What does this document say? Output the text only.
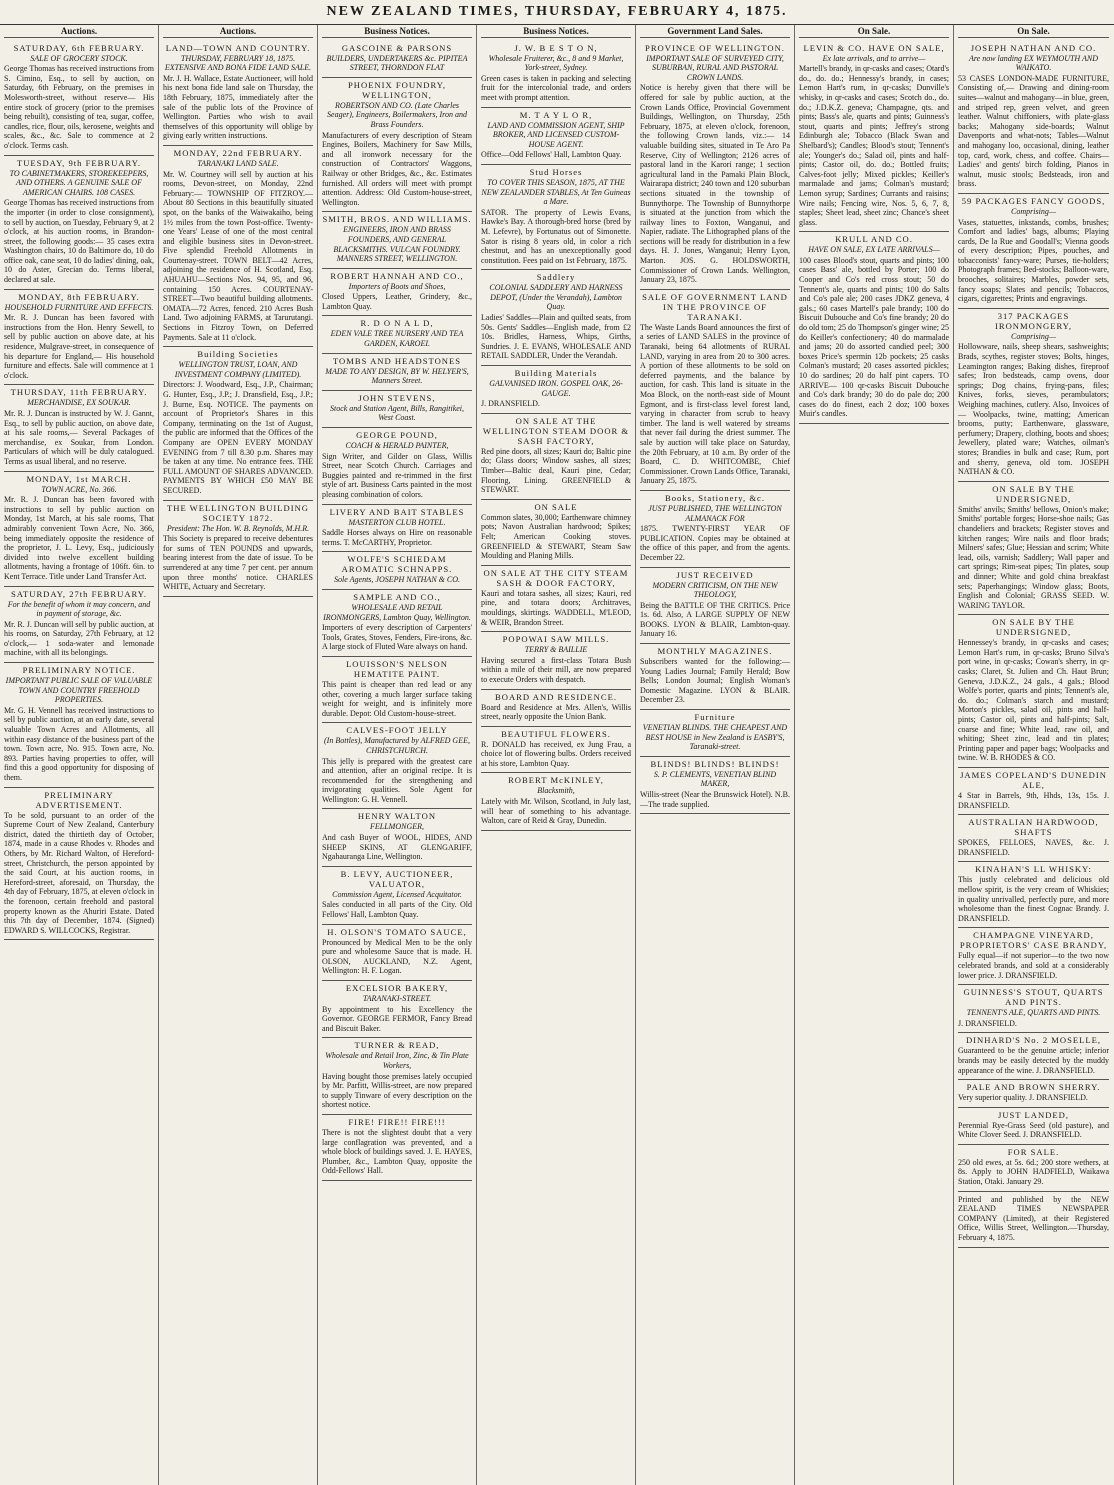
NEW ZEALAND TIMES, THURSDAY, FEBRUARY 4, 1875.
Auctions.
SATURDAY, 6th FEBRUARY.

SALE OF GROCERY STOCK.

George Thomas has received instructions from S. Cimino, Esq., to sell by auction, on Saturday, 6th February, on the premises in Molesworth-street, without reserve— His entire stock of grocery (prior to the premises being rebuilt), consisting of tea, sugar, coffee, candles, rice, flour, oils, kerosene, weights and scales, &c., &c. Sale to commence at 2 o'clock. Terms cash.

TUESDAY, 9th FEBRUARY.

TO CABINETMAKERS, STOREKEEPERS, AND OTHERS. A GENUINE SALE OF AMERICAN CHAIRS. 108 CASES.

George Thomas has received instructions from the importer (in order to close consignment), to sell by auction, on Tuesday, February 9, at 2 o'clock, at his auction rooms, in Brandon-street, the following goods:— 35 cases extra Washington chairs, 10 do Baltimore do, 10 do office oak, cane seat, 10 do ladies' dining, oak, 10 do Aster, Grecian do. Terms liberal, declared at sale.

MONDAY, 8th FEBRUARY.

HOUSEHOLD FURNITURE AND EFFECTS.

Mr. R. J. Duncan has been favored with instructions from the Hon. Henry Sewell, to sell by public auction on above date, at his residence, Mulgrave-street, in consequence of his departure for England,— His household furniture and effects. Sale will commence at 1 o'clock.

THURSDAY, 11th FEBRUARY.

MERCHANDISE, EX SOUKAR.

Mr. R. J. Duncan is instructed by W. J. Gannt, Esq., to sell by public auction, on above date, at his sale rooms,— Several Packages of merchandise, ex Soukar, from London. Particulars of which will be duly catalogued. Terms as usual liberal, and no reserve.

MONDAY, 1st MARCH.

TOWN ACRE, No. 366.

Mr. R. J. Duncan has been favored with instructions to sell by public auction on Monday, 1st March, at his sale rooms, That admirably convenient Town Acre, No. 366, being immediately opposite the residence of the proprietor, J. L. Levy, Esq., judiciously divided into twelve excellent building allotments, having a frontage of 106ft. 6in. to Kent Terrace. Title under Land Transfer Act.

SATURDAY, 27th FEBRUARY.

For the benefit of whom it may concern, and in payment of storage, &c.

Mr. R. J. Duncan will sell by public auction, at his rooms, on Saturday, 27th February, at 12 o'clock,— 1 soda-water and lemonade machine, with all its belongings.

PRELIMINARY NOTICE.

IMPORTANT PUBLIC SALE OF VALUABLE TOWN AND COUNTRY FREEHOLD PROPERTIES.

Mr. G. H. Vennell has received instructions to sell by public auction, at an early date, several valuable Town Acres and Allotments, all within easy distance of the business part of the town. Town acre, No. 915. Town acre, No. 893. Parties having properties to offer, will find this a good opportunity for disposing of them.

PRELIMINARY ADVERTISEMENT.

To be sold, pursuant to an order of the Supreme Court of New Zealand, Canterbury district, dated the thirtieth day of October, 1874, made in a cause Rhodes v. Rhodes and Others, by Mr. Richard Walton, of Hereford-street, Christchurch, the person appointed by the said Court, at his auction rooms, in Hereford-street, aforesaid, on Thursday, the 4th day of February, 1875, at eleven o'clock in the forenoon, certain freehold and pastoral property known as the Ahuriri Estate. Dated this 7th day of December, 1874. (Signed) EDWARD S. WILLCOCKS, Registrar.

Auctions.
LAND—TOWN AND COUNTRY.

THURSDAY, FEBRUARY 18, 1875. EXTENSIVE AND BONA FIDE LAND SALE.

Mr. J. H. Wallace, Estate Auctioneer, will hold his next bona fide land sale on Thursday, the 18th February, 1875, immediately after the sale of the public lots of the Province of Wellington. Parties who wish to avail themselves of this opportunity will oblige by giving early written instructions.

MONDAY, 22nd FEBRUARY.

TARANAKI LAND SALE.

Mr. W. Courtney will sell by auction at his rooms, Devon-street, on Monday, 22nd February:— TOWNSHIP OF FITZROY.—About 80 Sections in this beautifully situated spot, on the banks of the Waiwakaiho, being 1½ miles from the town Post-office. Twenty-one Years' Lease of one of the most central and eligible business sites in Devon-street. Five splendid Freehold Allotments in Courtenay-street. TOWN BELT—42 Acres, adjoining the residence of H. Scotland, Esq. AHUAHU—Sections Nos. 94, 95, and 96, containing 150 Acres. COURTENAY-STREET—Two beautiful building allotments. OMATA—72 Acres, fenced. 210 Acres Bush Land. Two adjoining FARMS, at Tarurutangi. Sections in Fitzroy Town, on Deferred Payments. Sale at 11 o'clock.

Building Societies

WELLINGTON TRUST, LOAN, AND INVESTMENT COMPANY (LIMITED).

Directors: J. Woodward, Esq., J.P., Chairman; G. Hunter, Esq., J.P.; J. Dransfield, Esq., J.P.; J. Burne, Esq. NOTICE. The payments on account of Proprietor's Shares in this Company, terminating on the 1st of August, the public are informed that the Offices of the Company are OPEN EVERY MONDAY EVENING from 7 till 8.30 p.m. Shares may be taken at any time. No entrance fees. THE FULL AMOUNT OF SHARES ADVANCED. PAYMENTS BY WHICH £50 MAY BE SECURED.

THE WELLINGTON BUILDING SOCIETY 1872.

President: The Hon. W. B. Reynolds, M.H.R.

This Society is prepared to receive debentures for sums of TEN POUNDS and upwards, bearing interest from the date of issue. To be surrendered at any time 7 per cent. per annum upon three months' notice. CHARLES WHITE, Actuary and Secretary.

Business Notices.
GASCOINE & PARSONS

BUILDERS, UNDERTAKERS &c. PIPITEA STREET, THORNDON FLAT

PHOENIX FOUNDRY, WELLINGTON,

ROBERTSON AND CO. (Late Charles Seager), Engineers, Boilermakers, Iron and Brass Founders.

Manufacturers of every description of Steam Engines, Boilers, Machinery for Saw Mills, and all ironwork necessary for the construction of Contractors' Waggons, Railway or other Bridges, &c., &c. Estimates furnished. All orders will meet with prompt attention. Address: Old Custom-house-street, Wellington.

SMITH, BROS. AND WILLIAMS.

ENGINEERS, IRON AND BRASS FOUNDERS, AND GENERAL BLACKSMITHS. VULCAN FOUNDRY. MANNERS STREET, WELLINGTON.

ROBERT HANNAH AND CO.,

Importers of Boots and Shoes,

Closed Uppers, Leather, Grindery, &c., Lambton Quay.

R. D O N A L D,

EDEN VALE TREE NURSERY AND TEA GARDEN, KAROEI.

TOMBS AND HEADSTONES

MADE TO ANY DESIGN, BY W. HELYER'S, Manners Street.

JOHN STEVENS,

Stock and Station Agent, Bills, Rangitikei, West Coast.

GEORGE POUND,

COACH & HERALD PAINTER,

Sign Writer, and Gilder on Glass, Willis Street, near Scotch Church. Carriages and Buggies painted and re-trimmed in the first style of art. Business Carts painted in the most pleasing combination of colors.

LIVERY AND BAIT STABLES

MASTERTON CLUB HOTEL.

Saddle Horses always on Hire on reasonable terms. T. McCARTHY, Proprietor.

WOLFE'S SCHIEDAM AROMATIC SCHNAPPS.

Sole Agents, JOSEPH NATHAN & CO.

SAMPLE AND CO.,

WHOLESALE AND RETAIL IRONMONGERS, Lambton Quay, Wellington.

Importers of every description of Carpenters' Tools, Grates, Stoves, Fenders, Fire-irons, &c. A large stock of Fluted Ware always on hand.

LOUISSON'S NELSON HEMATITE PAINT.

This paint is cheaper than red lead or any other, covering a much larger surface taking weight for weight, and is infinitely more durable. Depot: Old Custom-house-street.

CALVES-FOOT JELLY

(In Bottles), Manufactured by ALFRED GEE, CHRISTCHURCH.

This jelly is prepared with the greatest care and attention, after an original recipe. It is recommended for the strengthening and invigorating qualities. Sole Agent for Wellington: G. H. Vennell.

HENRY WALTON

FELLMONGER,

And cash Buyer of WOOL, HIDES, AND SHEEP SKINS, AT GLENGARIFF, Ngahauranga Line, Wellington.

B. LEVY, AUCTIONEER, VALUATOR,

Commission Agent, Licensed Acquitator.

Sales conducted in all parts of the City. Old Fellows' Hall, Lambton Quay.

H. OLSON'S TOMATO SAUCE,

Pronounced by Medical Men to be the only pure and wholesome Sauce that is made. H. OLSON, AUCKLAND, N.Z. Agent, Wellington: H. F. Logan.

EXCELSIOR BAKERY,

TARANAKI-STREET.

By appointment to his Excellency the Governor. GEORGE FERMOR, Fancy Bread and Biscuit Baker.

TURNER & READ,

Wholesale and Retail Iron, Zinc, & Tin Plate Workers,

Having bought those premises lately occupied by Mr. Parfitt, Willis-street, are now prepared to supply Tinware of every description on the shortest notice.

FIRE! FIRE!! FIRE!!!

There is not the slightest doubt that a very large conflagration was prevented, and a whole block of buildings saved. J. E. HAYES, Plumber, &c., Lambton Quay, opposite the Odd-Fellows' Hall.

Business Notices.
J. W. B E S T O N,

Wholesale Fruiterer, &c., 8 and 9 Market, York-street, Sydney.

Green cases is taken in packing and selecting fruit for the intercolonial trade, and orders meet with prompt attention.

M. T A Y L O R,

LAND AND COMMISSION AGENT, SHIP BROKER, AND LICENSED CUSTOM-HOUSE AGENT.

Office—Odd Fellows' Hall, Lambton Quay.

Stud Horses

TO COVER THIS SEASON, 1875, AT THE NEW ZEALANDER STABLES, At Ten Guineas a Mare.

SATOR. The property of Lewis Evans, Hawke's Bay. A thorough-bred horse (bred by M. Lefevre), by Fortunatus out of Simonette. Sator is rising 8 years old, in color a rich chestnut, and has an unexceptionally good constitution. Fees paid on 1st February, 1875.

Saddlery

COLONIAL SADDLERY AND HARNESS DEPOT, (Under the Verandah), Lambton Quay.

Ladies' Saddles—Plain and quilted seats, from 50s. Gents' Saddles—English made, from £2 10s. Bridles, Harness, Whips, Girths, Sundries. J. E. EVANS, WHOLESALE AND RETAIL SADDLER, Under the Verandah.

Building Materials

GALVANISED IRON. GOSPEL OAK, 26-GAUGE.

J. DRANSFIELD.

ON SALE AT THE WELLINGTON STEAM DOOR & SASH FACTORY,

Red pine doors, all sizes; Kauri do; Baltic pine do; Glass doors; Window sashes, all sizes; Timber—Baltic deal, Kauri pine, Cedar; Flooring, Lining. GREENFIELD & STEWART.

ON SALE

Common slates, 30,000; Earthenware chimney pots; Navon Australian hardwood; Spikes; Felt; American Cooking stoves. GREENFIELD & STEWART, Steam Saw Moulding and Planing Mills.

ON SALE AT THE CITY STEAM SASH & DOOR FACTORY,

Kauri and totara sashes, all sizes; Kauri, red pine, and totara doors; Architraves, mouldings, skirtings. WADDELL, M'LEOD, & WEIR, Brandon Street.

POPOWAI SAW MILLS.

TERRY & BAILLIE

Having secured a first-class Totara Bush within a mile of their mill, are now prepared to execute Orders with despatch.

BOARD AND RESIDENCE.

Board and Residence at Mrs. Allen's, Willis street, nearly opposite the Union Bank.

BEAUTIFUL FLOWERS.

R. DONALD has received, ex Jung Frau, a choice lot of flowering bulbs. Orders received at his store, Lambton Quay.

ROBERT McKINLEY,

Blacksmith,

Lately with Mr. Wilson, Scotland, in July last, will hear of something to his advantage. Walton, care of Reid & Gray, Dunedin.

Government Land Sales.
PROVINCE OF WELLINGTON.

IMPORTANT SALE OF SURVEYED CITY, SUBURBAN, RURAL AND PASTORAL CROWN LANDS.

Notice is hereby given that there will be offered for sale by public auction, at the Crown Lands Office, Provincial Government Buildings, Wellington, on Thursday, 25th February, 1875, at eleven o'clock, forenoon, the following Crown lands, viz.:— 14 valuable building sites, situated in Te Aro Pa Reserve, City of Wellington; 2126 acres of pastoral land in the Karori range; 1 section agricultural land in the Pamaki Plain Block, Wairarapa district; 240 town and 120 suburban sections situated in the township of Bunnythorpe. The Township of Bunnythorpe is situated at the junction from which the railway lines to Foxton, Wanganui, and Napier, radiate. The Lithographed plans of the sections will be ready for distribution in a few days. H. J. Jones, Wanganui; Henry Lyon, Marton. JOS. G. HOLDSWORTH, Commissioner of Crown Lands. Wellington, January 23, 1875.

SALE OF GOVERNMENT LAND IN THE PROVINCE OF TARANAKI.

The Waste Lands Board announces the first of a series of LAND SALES in the province of Taranaki, being 64 allotments of RURAL LAND, varying in area from 20 to 300 acres. A portion of these allotments to be sold on deferred payments, and the balance by auction, for cash. This land is situate in the Moa Block, on the north-east side of Mount Egmont, and is first-class level forest land, varying in character from scrub to heavy timber. The land is well watered by streams that never fail during the driest summer. The sale by auction will take place on Saturday, the 20th February, at 10 a.m. By order of the Board, C. D. WHITCOMBE, Chief Commissioner. Crown Lands Office, Taranaki, January 25, 1875.

Books, Stationery, &c.

JUST PUBLISHED, THE WELLINGTON ALMANACK FOR

1875. TWENTY-FIRST YEAR OF PUBLICATION. Copies may be obtained at the office of this paper, and from the agents. December 22.

JUST RECEIVED

MODERN CRITICISM, ON THE NEW THEOLOGY,

Being the BATTLE OF THE CRITICS. Price 1s. 6d. Also, A LARGE SUPPLY OF NEW BOOKS. LYON & BLAIR, Lambton-quay. January 16.

MONTHLY MAGAZINES.

Subscribers wanted for the following:— Young Ladies Journal; Family Herald; Bow Bells; London Journal; English Woman's Domestic Magazine. LYON & BLAIR. December 23.

Furniture

VENETIAN BLINDS. THE CHEAPEST AND BEST HOUSE in New Zealand is EASBY'S, Taranaki-street.

BLINDS! BLINDS! BLINDS!

S. P. CLEMENTS, VENETIAN BLIND MAKER,

Willis-street (Near the Brunswick Hotel). N.B.—The trade supplied.

On Sale.
LEVIN & CO. HAVE ON SALE,

Ex late arrivals, and to arrive—

Martell's brandy, in qr-casks and cases; Otard's do., do. do.; Hennessy's brandy, in cases; Lemon Hart's rum, in qr-casks; Dunville's whisky, in qr-casks and cases; Scotch do., do. do.; J.D.K.Z. geneva; Champagne, qts. and pints; Bass's ale, quarts and pints; Guinness's stout, quarts and pints; Jeffrey's strong Edinburgh ale; Tobacco (Black Swan and Shelbard's); Candles; Blood's stout; Tennent's ale; Younger's do.; Salad oil, pints and half-pints; Castor oil, do. do.; Bottled fruits; Calves-foot jelly; Mixed pickles; Keiller's marmalade and jams; Colman's mustard; Lemon syrup; Sardines; Currants and raisins; Wire nails; Fencing wire, Nos. 5, 6, 7, 8, staples; Sheet lead, sheet zinc; Chance's sheet glass.

KRULL AND CO.

HAVE ON SALE, EX LATE ARRIVALS—

100 cases Blood's stout, quarts and pints; 100 cases Bass' ale, bottled by Porter; 100 do Cooper and Co's red cross stout; 50 do Tennent's ale, quarts and pints; 100 do Salts and Co's pale ale; 200 cases JDKZ geneva, 4 gals.; 60 cases Martell's pale brandy; 100 do Biscuit Dubouche and Co's fine brandy; 20 do do old tom; 25 do Thompson's ginger wine; 25 do Keiller's confectionery; 40 do marmalade and jams; 20 do assorted candied peel; 300 boxes Price's spermin 12b pockets; 25 casks Colman's mustard; 20 cases assorted pickles; 10 do sardines; 20 do half pint capers. TO ARRIVE— 100 qr-casks Biscuit Dubouche and Co's dark brandy; 30 do do pale do; 200 cases do do finest, each 2 doz; 100 boxes Muir's candles.

On Sale.
JOSEPH NATHAN AND CO.

Are now landing EX WEYMOUTH AND WAIKATO.

53 CASES LONDON-MADE FURNITURE, Consisting of,— Drawing and dining-room suites—walnut and mahogany—in blue, green, and striped rep, green velvet, and green leather. Walnut chiffoniers, with plate-glass backs; Mahogany side-boards; Walnut Davenports and what-nots; Tables—Walnut and mahogany loo, occasional, dining, leather top, card, work, chess, and coffee. Chairs—Ladies' and gents' birch folding, Pianos in walnut, music stools; Bedsteads, iron and brass.

59 PACKAGES FANCY GOODS,

Comprising—

Vases, statuettes, inkstands, combs, brushes; Comfort and ladies' bags, albums; Playing cards, De la Rue and Goodall's; Vienna goods of every description; Pipes, pouches, and tobacconists' fancy-ware; Purses, tie-holders; Photograph frames; Bed-stocks; Balloon-ware, brooches, solitaires; Marbles, powder sets, fancy soaps; Slates and pencils; Tobaccos, cigars, cigarettes; Prints and engravings.

317 PACKAGES IRONMONGERY,

Comprising—

Hollowware, nails, sheep shears, sashweights; Brads, scythes, register stoves; Bolts, hinges, Leamington ranges; Baking dishes, fireproof safes; Iron bedsteads, camp ovens, door springs; Dog chains, frying-pans, files; Knives, forks, sieves, perambulators; Weighing machines, cutlery. Also, Invoices of— Woolpacks, twine, matting; American brooms, putty; Earthenware, glassware, perfumery; Drapery, clothing, boots and shoes; Jewellery, plated ware; Watches, oilman's stores; Brandies in bulk and case; Rum, port and sherry, geneva, old tom. JOSEPH NATHAN & CO.

ON SALE BY THE UNDERSIGNED,

Smiths' anvils; Smiths' bellows, Onion's make; Smiths' portable forges; Horse-shoe nails; Gas chandeliers and brackets; Register stoves and kitchen ranges; Wire nails and floor brads; Milners' safes; Glue; Hessian and scrim; White lead, oils, varnish; Saddlery; Wall paper and cart springs; Rim-seat pipes; Tin plates, soup and dinner; White and gold china breakfast sets; Paperhangings; Window glass; Boots, English and Colonial; GRASS SEED. W. WARING TAYLOR.

ON SALE BY THE UNDERSIGNED,

Hennessey's brandy, in qr-casks and cases; Lemon Hart's rum, in qr-casks; Bruno Silva's port wine, in qr-casks; Cowan's sherry, in qr-casks; Claret, St. Julien and Ch. Haut Brun; Geneva, J.D.K.Z., 24 gals., 4 gals.; Blood Wolfe's porter, quarts and pints; Tennent's ale, do. do.; Colman's starch and mustard; Morton's pickles, salad oil, pints and half-pints; Castor oil, pints and half-pints; Salt, coarse and fine; White lead, raw oil, and whiting; Sheet zinc, lead and tin plates; Printing paper and paper bags; Woolpacks and twine. W. B. RHODES & CO.

JAMES COPELAND'S DUNEDIN ALE,

4 Star in Barrels, 9th, Hhds, 13s, 15s. J. DRANSFIELD.

AUSTRALIAN HARDWOOD, SHAFTS

SPOKES, FELLOES, NAVES, &c. J. DRANSFIELD.

KINAHAN'S LL WHISKY:

This justly celebrated and delicious old mellow spirit, is the very cream of Whiskies; in quality unrivalled, perfectly pure, and more wholesome than the finest Cognac Brandy. J. DRANSFIELD.

CHAMPAGNE VINEYARD, PROPRIETORS' CASE BRANDY,

Fully equal—if not superior—to the two now celebrated brands, and sold at a considerably lower price. J. DRANSFIELD.

GUINNESS'S STOUT, QUARTS AND PINTS.

TENNENT'S ALE, QUARTS AND PINTS.

J. DRANSFIELD.

DINHARD'S No. 2 MOSELLE,

Guaranteed to be the genuine article; inferior brands may be easily detected by the muddy appearance of the wine. J. DRANSFIELD.

PALE AND BROWN SHERRY.

Very superior quality. J. DRANSFIELD.

JUST LANDED,

Perennial Rye-Grass Seed (old pasture), and White Clover Seed. J. DRANSFIELD.

FOR SALE.

250 old ewes, at 5s. 6d.; 200 store wethers, at 8s. Apply to JOHN HADFIELD, Waikawa Station, Otaki. January 29.

Printed and published by the NEW ZEALAND TIMES NEWSPAPER COMPANY (Limited), at their Registered Office, Willis Street, Wellington.—Thursday, February 4, 1875.
